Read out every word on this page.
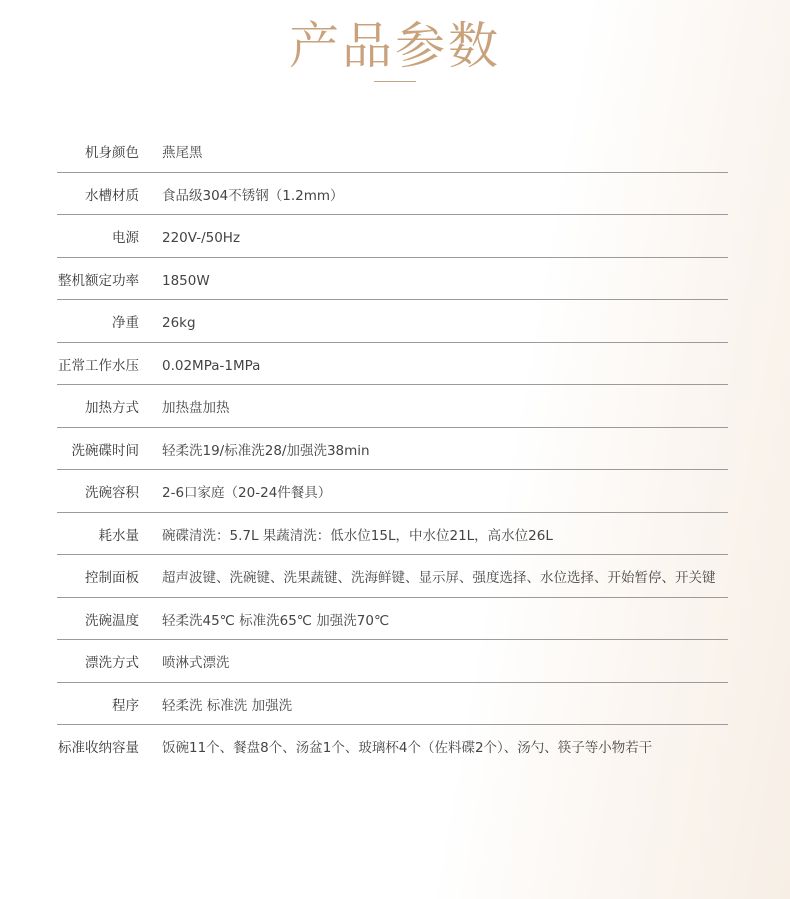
产品参数
机身颜色 燕尾黑
水槽材质 食品级304不锈钢（1.2mm）
电源 220V-/50Hz
整机额定功率 1850W
净重 26kg
正常工作水压 0.02MPa-1MPa
加热方式 加热盘加热
洗碗碟时间 轻柔洗19/标准洗28/加强洗38min
洗碗容积 2-6口家庭（20-24件餐具）
耗水量 碗碟清洗：5.7L 果蔬清洗：低水位15L，中水位21L，高水位26L
控制面板 超声波键、洗碗键、洗果蔬键、洗海鲜键、显示屏、强度选择、水位选择、开始暂停、开关键
洗碗温度 轻柔洗45℃ 标准洗65℃ 加强洗70℃
漂洗方式 喷淋式漂洗
程序 轻柔洗 标准洗 加强洗
标准收纳容量 饭碗11个、餐盘8个、汤盆1个、玻璃杯4个（佐料碟2个）、汤勺、筷子等小物若干
